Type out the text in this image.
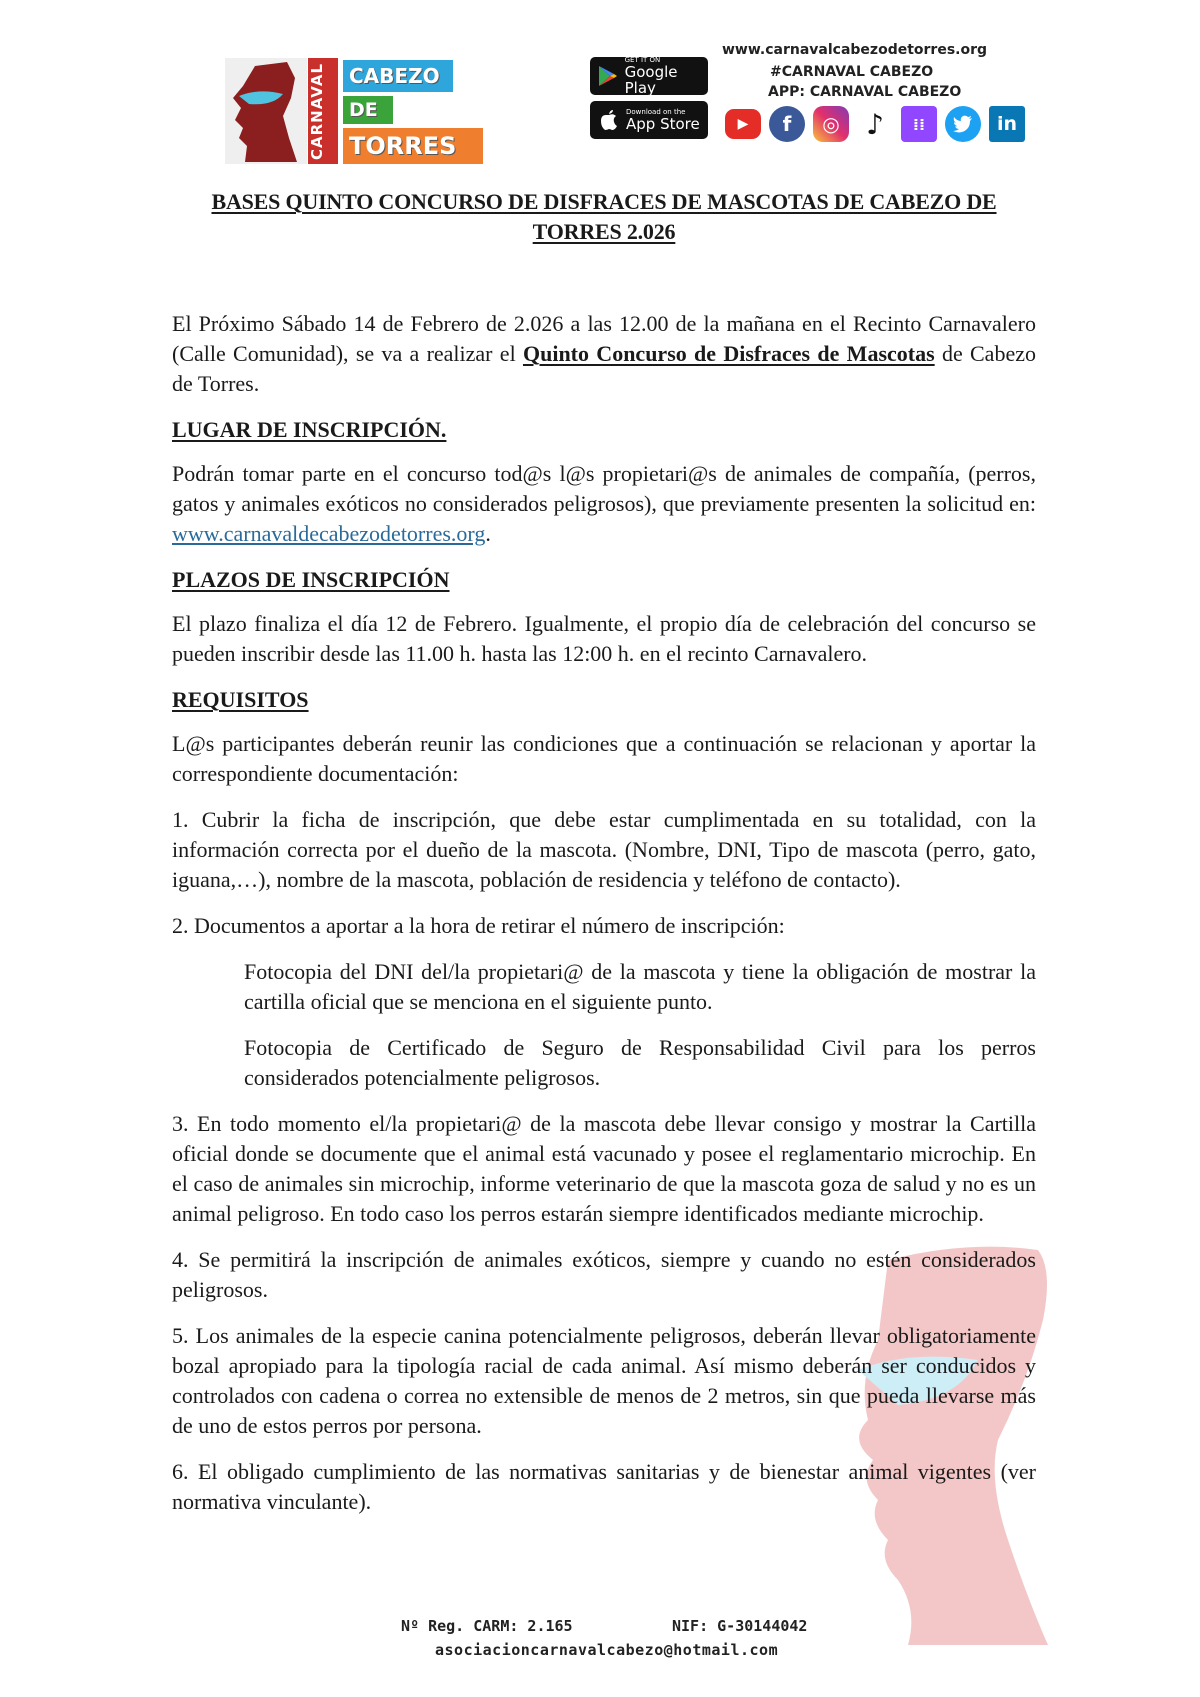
CARNAVAL	CABEZO
DE
TORRES
GET IT ON
Google Play
Download on the
App Store
www.carnavalcabezodetorres.org
#CARNAVAL CABEZO
APP: CARNAVAL CABEZO
▶	f	◎ ♪	⁞⁞	in
BASES QUINTO CONCURSO DE DISFRACES DE MASCOTAS DE CABEZO DE TORRES 2.026

El Próximo Sábado 14 de Febrero de 2.026 a las 12.00 de la mañana en el Recinto Carnavalero (Calle Comunidad), se va a realizar el Quinto Concurso de Disfraces de Mascotas de Cabezo de Torres.

LUGAR DE INSCRIPCIÓN.

Podrán tomar parte en el concurso tod@s l@s propietari@s de animales de compañía, (perros, gatos y animales exóticos no considerados peligrosos), que previamente presenten la solicitud en: www.carnavaldecabezodetorres.org.

PLAZOS DE INSCRIPCIÓN

El plazo finaliza el día 12 de Febrero. Igualmente, el propio día de celebración del concurso se pueden inscribir desde las 11.00 h. hasta las 12:00 h. en el recinto Carnavalero.

REQUISITOS

L@s participantes deberán reunir las condiciones que a continuación se relacionan y aportar la correspondiente documentación:

1. Cubrir la ficha de inscripción, que debe estar cumplimentada en su totalidad, con la información correcta por el dueño de la mascota. (Nombre, DNI, Tipo de mascota (perro, gato, iguana,…), nombre de la mascota, población de residencia y teléfono de contacto).

2. Documentos a aportar a la hora de retirar el número de inscripción:

Fotocopia del DNI del/la propietari@ de la mascota y tiene la obligación de mostrar la cartilla oficial que se menciona en el siguiente punto.

Fotocopia de Certificado de Seguro de Responsabilidad Civil para los perros considerados potencialmente peligrosos.

3. En todo momento el/la propietari@ de la mascota debe llevar consigo y mostrar la Cartilla oficial donde se documente que el animal está vacunado y posee el reglamentario microchip. En el caso de animales sin microchip, informe veterinario de que la mascota goza de salud y no es un animal peligroso. En todo caso los perros estarán siempre identificados mediante microchip.

4. Se permitirá la inscripción de animales exóticos, siempre y cuando no estén considerados peligrosos.

5. Los animales de la especie canina potencialmente peligrosos, deberán llevar obligatoriamente bozal apropiado para la tipología racial de cada animal. Así mismo deberán ser conducidos y controlados con cadena o correa no extensible de menos de 2 metros, sin que pueda llevarse más de uno de estos perros por persona.

6. El obligado cumplimiento de las normativas sanitarias y de bienestar animal vigentes (ver normativa vinculante).

Nº Reg. CARM: 2.165	NIF: G-30144042
asociacioncarnavalcabezo@hotmail.com
